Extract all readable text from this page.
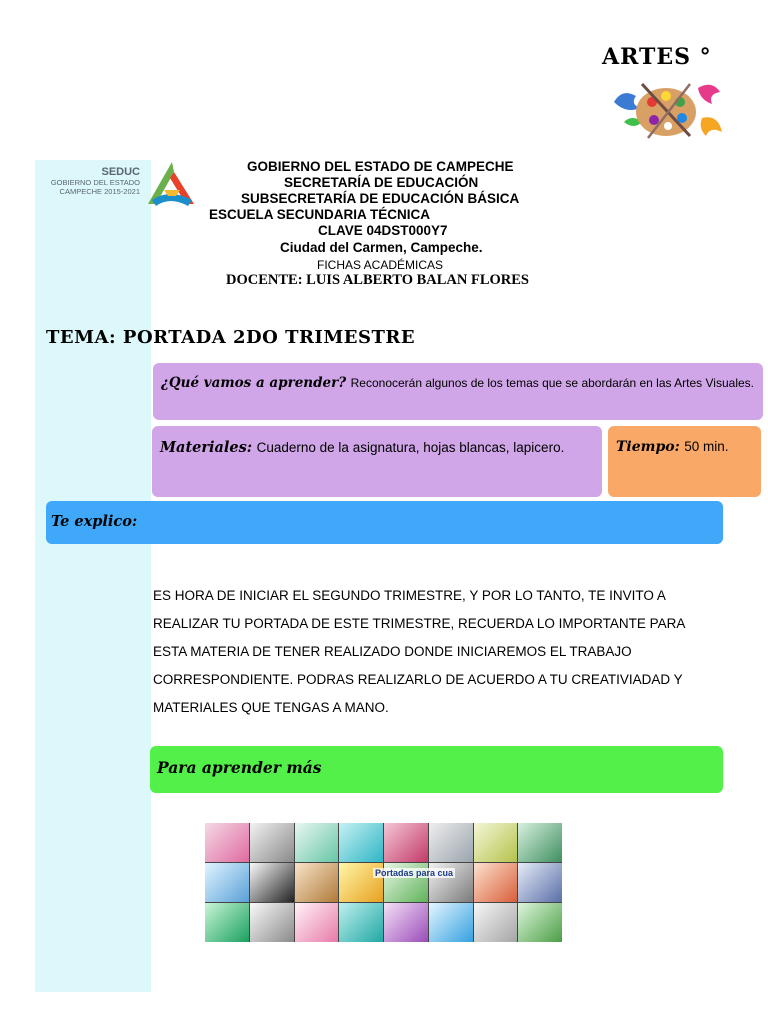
ARTES °
SEDUC
GOBIERNO DEL ESTADO
CAMPECHE 2015-2021
GOBIERNO DEL ESTADO DE CAMPECHE
SECRETARÍA DE EDUCACIÓN
SUBSECRETARÍA DE EDUCACIÓN BÁSICA
ESCUELA SECUNDARIA TÉCNICA
CLAVE 04DST000Y7
Ciudad del Carmen, Campeche.
FICHAS ACADÉMICAS
DOCENTE: LUIS ALBERTO BALAN FLORES
TEMA: PORTADA 2DO TRIMESTRE
¿Qué vamos a aprender? Reconocerán algunos de los temas que se abordarán en las Artes Visuales.
Materiales: Cuaderno de la asignatura, hojas blancas, lapicero.	Tiempo: 50 min.
Te explico:
ES HORA DE INICIAR EL SEGUNDO TRIMESTRE, Y POR LO TANTO, TE INVITO A
REALIZAR TU PORTADA DE ESTE TRIMESTRE, RECUERDA LO IMPORTANTE PARA
ESTA MATERIA DE TENER REALIZADO DONDE INICIAREMOS EL TRABAJO
CORRESPONDIENTE. PODRAS REALIZARLO DE ACUERDO A TU CREATIVIADAD Y
MATERIALES QUE TENGAS A MANO.
Para aprender más
Portadas para cua
